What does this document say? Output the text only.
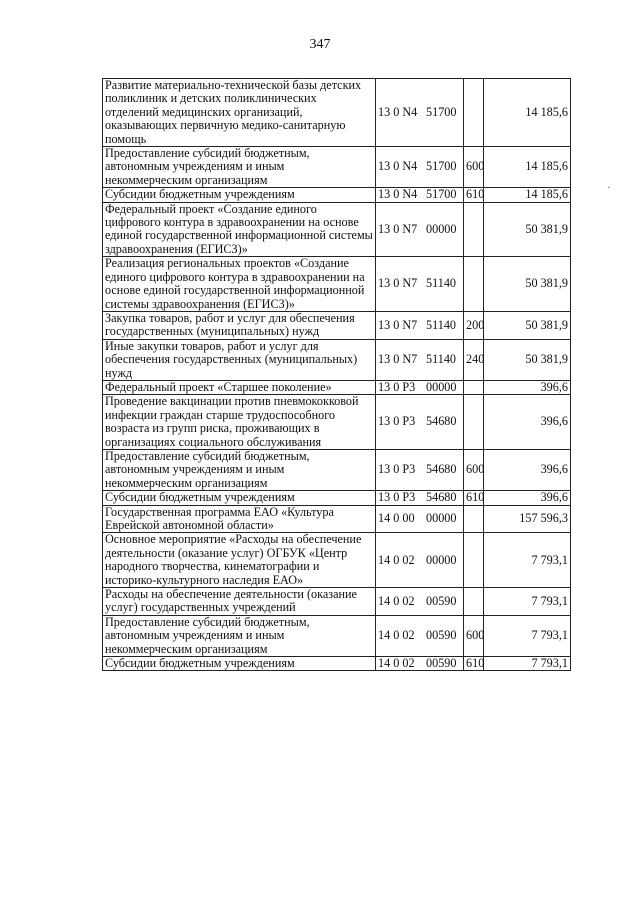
347
Развитие материально-технической базы детских поликлиник и детских поликлинических отделений медицинских организаций, оказывающих первичную медико-санитарную помощь	13 0 N4 51700		14 185,6
Предоставление субсидий бюджетным, автономным учреждениям и иным некоммерческим организациям	13 0 N4 51700	600	14 185,6
Субсидии бюджетным учреждениям	13 0 N4 51700	610	14 185,6
Федеральный проект «Создание единого цифрового контура в здравоохранении на основе единой государственной информационной системы здравоохранения (ЕГИСЗ)»	13 0 N7 00000		50 381,9
Реализация региональных проектов «Создание единого цифрового контура в здравоохранении на основе единой государственной информационной системы здравоохранения (ЕГИСЗ)»	13 0 N7 51140		50 381,9
Закупка товаров, работ и услуг для обеспечения государственных (муниципальных) нужд	13 0 N7 51140	200	50 381,9
Иные закупки товаров, работ и услуг для обеспечения государственных (муниципальных) нужд	13 0 N7 51140	240	50 381,9
Федеральный проект «Старшее поколение»	13 0 P3 00000		396,6
Проведение вакцинации против пневмококковой инфекции граждан старше трудоспособного возраста из групп риска, проживающих в организациях социального обслуживания	13 0 P3 54680		396,6
Предоставление субсидий бюджетным, автономным учреждениям и иным некоммерческим организациям	13 0 P3 54680	600	396,6
Субсидии бюджетным учреждениям	13 0 P3 54680	610	396,6
Государственная программа ЕАО «Культура Еврейской автономной области»	14 0 00 00000		157 596,3
Основное мероприятие «Расходы на обеспечение деятельности (оказание услуг) ОГБУК «Центр народного творчества, кинематографии и историко-культурного наследия ЕАО»	14 0 02 00000		7 793,1
Расходы на обеспечение деятельности (оказание услуг) государственных учреждений	14 0 02 00590		7 793,1
Предоставление субсидий бюджетным, автономным учреждениям и иным некоммерческим организациям	14 0 02 00590	600	7 793,1
Субсидии бюджетным учреждениям	14 0 02 00590	610	7 793,1
·
